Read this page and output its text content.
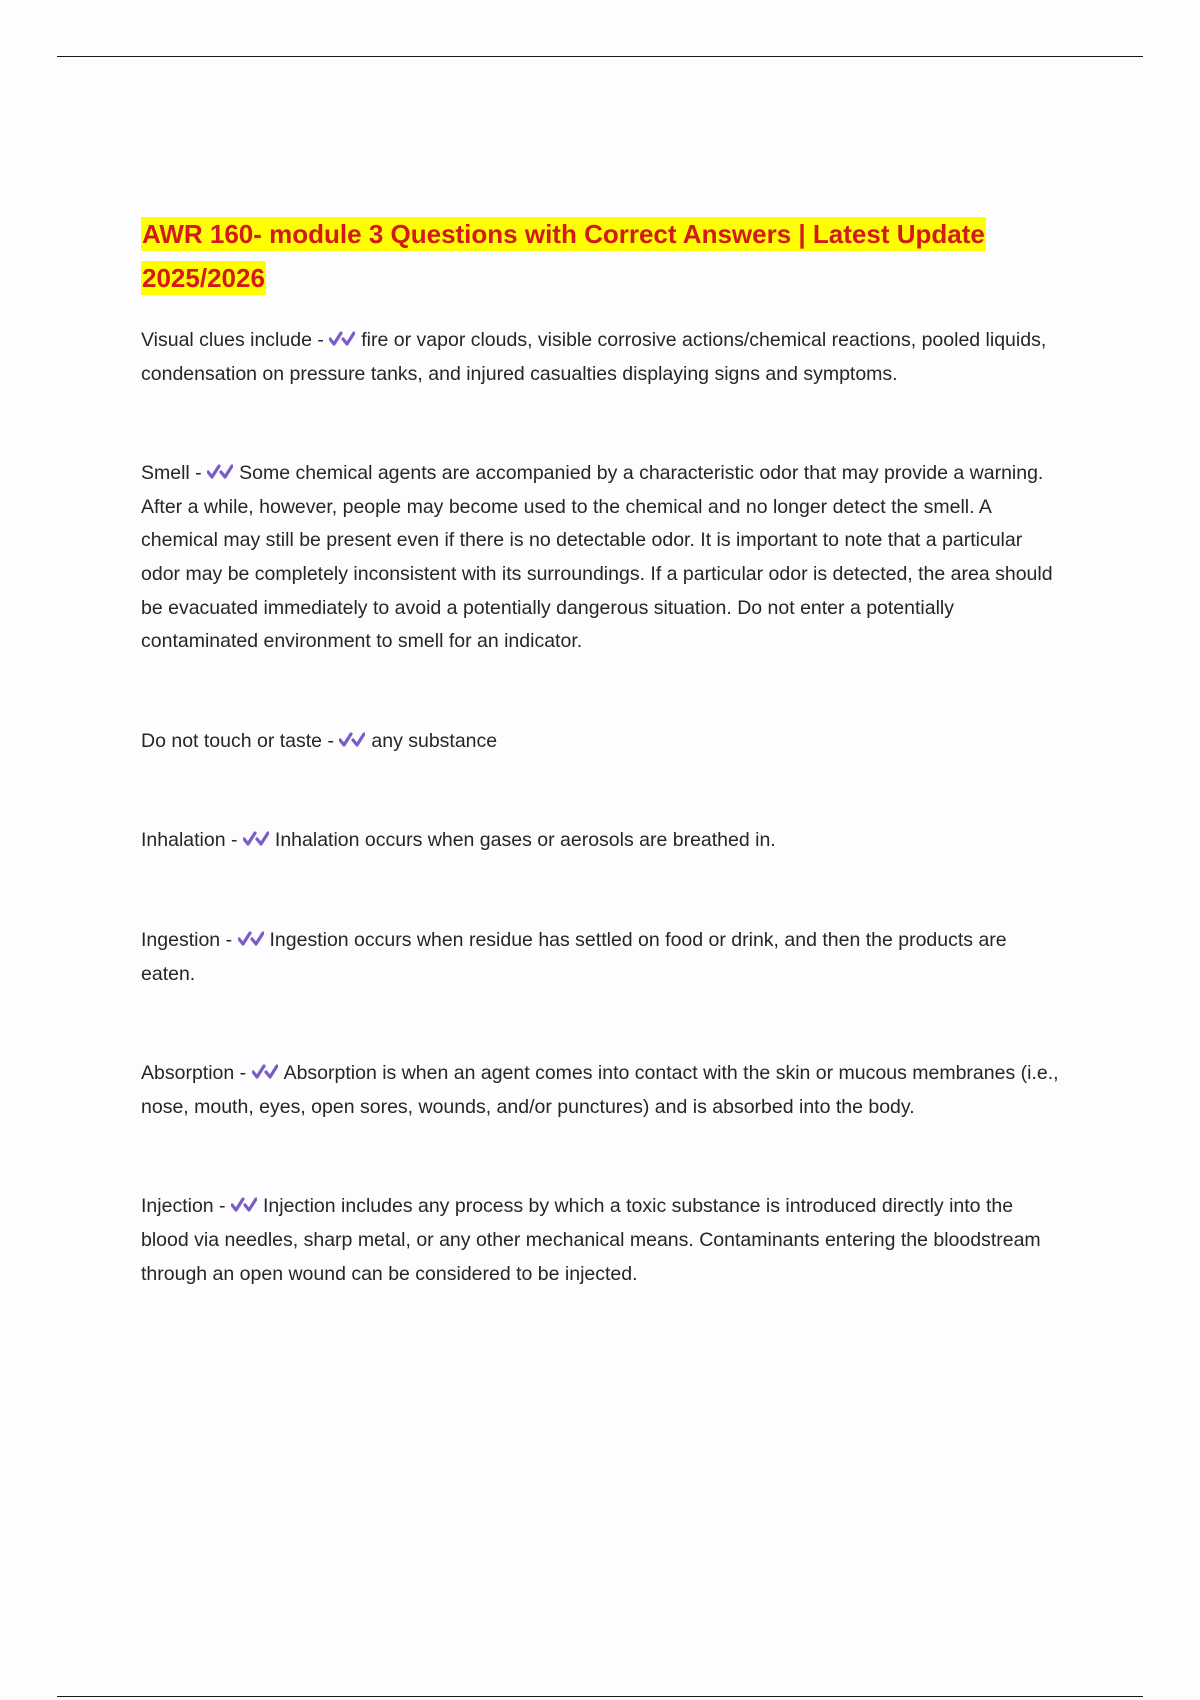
AWR 160- module 3 Questions with Correct Answers | Latest Update 2025/2026

Visual clues include -
fire or vapor clouds, visible corrosive actions/chemical reactions, pooled liquids, condensation on pressure tanks, and injured casualties displaying signs and symptoms.

Smell -
Some chemical agents are accompanied by a characteristic odor that may provide a warning. After a while, however, people may become used to the chemical and no longer detect the smell. A chemical may still be present even if there is no detectable odor. It is important to note that a particular odor may be completely inconsistent with its surroundings. If a particular odor is detected, the area should be evacuated immediately to avoid a potentially dangerous situation. Do not enter a potentially contaminated environment to smell for an indicator.

Do not touch or taste -
any substance

Inhalation -
Inhalation occurs when gases or aerosols are breathed in.

Ingestion -
Ingestion occurs when residue has settled on food or drink, and then the products are eaten.

Absorption -
Absorption is when an agent comes into contact with the skin or mucous membranes (i.e., nose, mouth, eyes, open sores, wounds, and/or punctures) and is absorbed into the body.

Injection -
Injection includes any process by which a toxic substance is introduced directly into the blood via needles, sharp metal, or any other mechanical means. Contaminants entering the bloodstream through an open wound can be considered to be injected.
